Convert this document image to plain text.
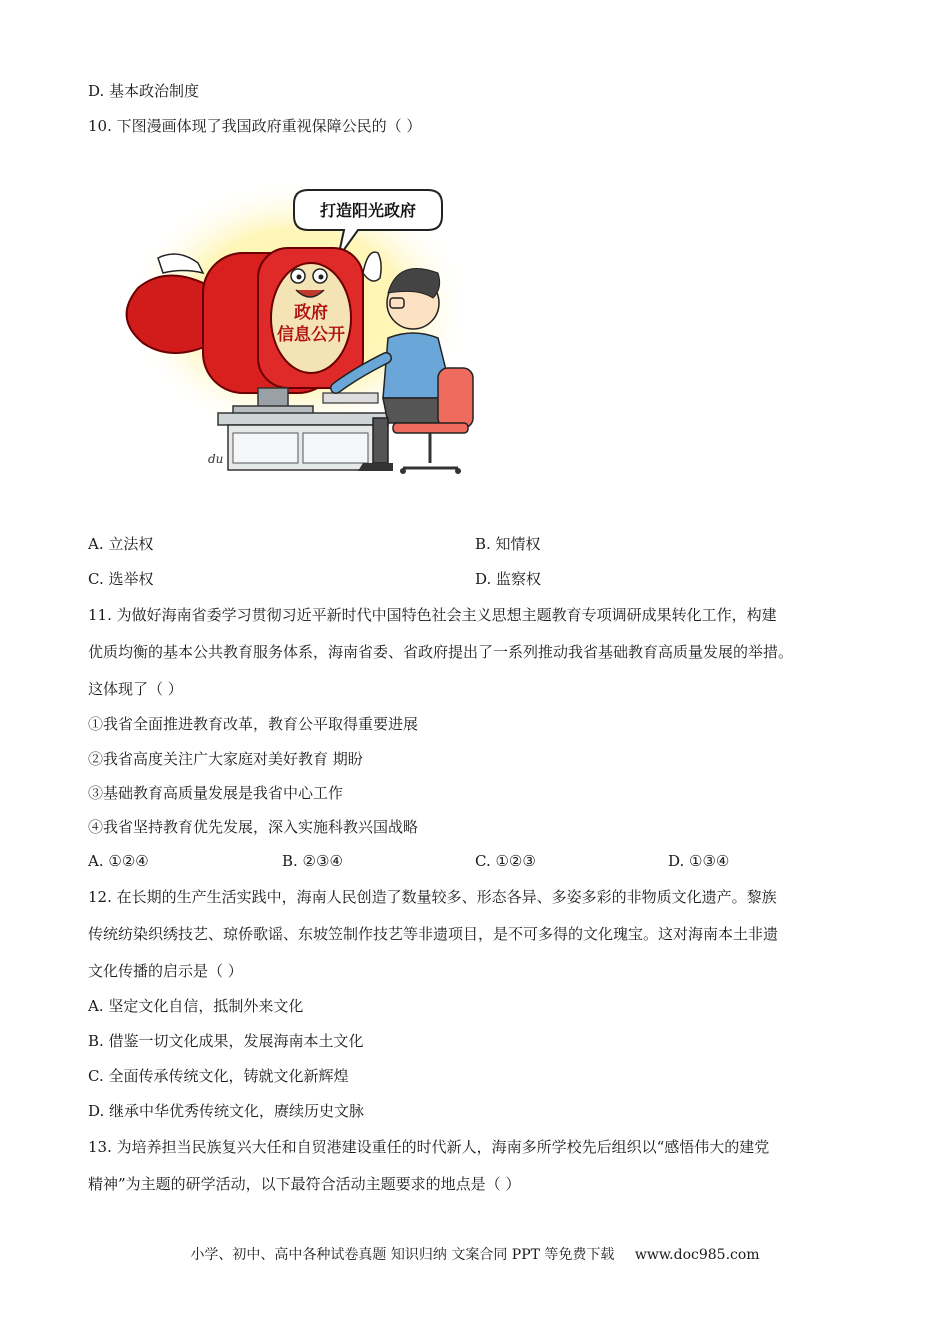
D. 基本政治制度
10. 下图漫画体现了我国政府重视保障公民的（ ）
打造阳光政府
政府
信息公开
du
A. 立法权	B. 知情权
C. 选举权	D. 监察权
11. 为做好海南省委学习贯彻习近平新时代中国特色社会主义思想主题教育专项调研成果转化工作，构建
优质均衡的基本公共教育服务体系，海南省委、省政府提出了一系列推动我省基础教育高质量发展的举措。
这体现了（ ）
①我省全面推进教育改革，教育公平取得重要进展
②我省高度关注广大家庭对美好教育 期盼
③基础教育高质量发展是我省中心工作
④我省坚持教育优先发展，深入实施科教兴国战略
A. ①②④	B. ②③④	C. ①②③	D. ①③④
12. 在长期的生产生活实践中，海南人民创造了数量较多、形态各异、多姿多彩的非物质文化遗产。黎族
传统纺染织绣技艺、琼侨歌谣、东坡笠制作技艺等非遗项目，是不可多得的文化瑰宝。这对海南本土非遗
文化传播的启示是（ ）
A. 坚定文化自信，抵制外来文化
B. 借鉴一切文化成果，发展海南本土文化
C. 全面传承传统文化，铸就文化新辉煌
D. 继承中华优秀传统文化，赓续历史文脉
13. 为培养担当民族复兴大任和自贸港建设重任的时代新人，海南多所学校先后组织以“感悟伟大的建党
精神”为主题的研学活动，以下最符合活动主题要求的地点是（ ）
小学、初中、高中各种试卷真题 知识归纳 文案合同 PPT 等免费下载 www.doc985.com
